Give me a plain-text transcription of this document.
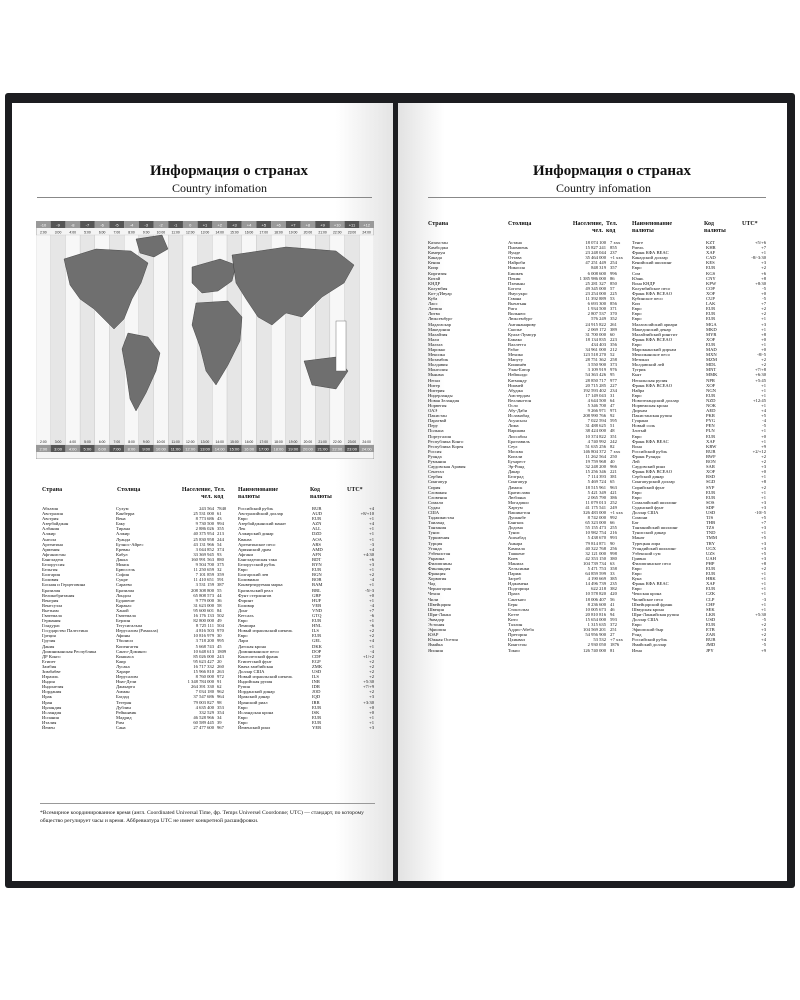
Информация о странах
Country infomation
-10
2:00
-9
3:00
-8
4:00
-7
5:00
-6
6:00
-5
7:00
-4
8:00
-3
9:00
-2
10:00
-1
11:00
0
12:00
+1
13:00
+2
14:00
+3
15:00
+4
16:00
+5
17:00
+6
18:00
+7
19:00
+8
20:00
+9
21:00
+10
22:00
+11
23:00
+12
24:00
2:00
2:00
3:00
3:00
4:00
4:00
5:00
5:00
6:00
6:00
7:00
7:00
8:00
8:00
9:00
9:00
10:00
10:00
11:00
11:00
12:00
12:00
13:00
13:00
14:00
14:00
15:00
15:00
16:00
16:00
17:00
17:00
18:00
18:00
19:00
19:00
20:00
20:00
21:00
21:00
22:00
22:00
23:00
23:00
24:00
24:00
Страна	Столица	Население, чел.
Тел. код
Наименование валюты
Код валюты
UTC*
Абхазия	Сухум	243 564 7840	Российский рубль	RUB	+4
Австралия	Канберра	25 531 000 61	Австралийский доллар	AUD	+8/+10
Австрия	Вена	8 773 686 43	Евро	EUR	+1
Азербайджан	Баку	9 730 500 994	Азербайджанский манат	AZN	+4
Албания	Тирана	2 886 026 355	Лек	ALL	+1
Алжир	Алжир	40 375 954 213	Алжирский динар	DZD	+1
Ангола	Луанда	25 830 958 244	Кванза	AOA	+1
Аргентина	Буэнос-Айрес	43 131 966 54	Аргентинское песо	ARS	-3
Армения	Ереван	3 044 852 374	Армянский драм	AMD	+4
Афганистан	Кабул	33 369 945 93	Афгани	AFN	+4:30
Бангладеш	Дакка	160 991 563 880	Бангладешская така	BDT	+6
Белоруссия	Минск	9 504 700 375	Белорусский рубль	BYN	+3
Бельгия	Брюссель	11 250 659 32	Евро	EUR	+1
Болгария	София	7 101 859 359	Болгарский лев	BGN	+2
Боливия	Сукре	11 410 651 591	Боливиано	BOB	-4
Босния и Герцеговина	Сараево	3 531 159 387	Конвертируемая марка	BAM	+1
Бразилия	Бразилиа	208 308 800 55	Бразильский реал	BRL	-5/-3
Великобритания	Лондон	65 808 573 44	Фунт стерлингов	GBP	+0
Венгрия	Будапешт	9 779 000 36	Форинт	HUF	+1
Венесуэла	Каракас	31 623 000 58	Боливар	VEB	-4
Вьетнам	Ханой	95 600 601 84	Донг	VND	+7
Гватемала	Гватемала	16 176 133 502	Кетсаль	GTQ	-6
Германия	Берлин	82 800 000 49	Евро	EUR	+1
Гондурас	Тегусигальпа	8 725 111 504	Лемпира	HNL	-6
Государство Палестина	Иерусалим (Рамалла)	4 816 503 970	Новый израильский шекель	ILS	+2
Греция	Афины	10 816 979 30	Евро	EUR	+2
Грузия	Тбилиси	3 718 200 995	Лари	GEL	+4
Дания	Копенгаген	5 668 743 45	Датская крона	DKK	+1
Доминиканская Республика	Санто-Доминго	10 648 613 1809	Доминиканское песо	DOP	-4
ДР Конго	Киншаса	85 026 000 243	Конголезский франк	CDF	+1/+2
Египет	Каир	95 623 427 20	Египетский фунт	EGP	+2
Замбия	Лусака	16 717 332 260	Квача замбийская	ZMK	+2
Зимбабве	Хараре	15 966 810 263	Доллар США	USD	+2
Израиль	Иерусалим	8 760 000 972	Новый израильский шекель	ILS	+2
Индия	Нью-Дели	1 348 784 000 91	Индийская рупия	INR	+5:30
Индонезия	Джакарта	264 391 330 62	Рупия	IDR	+7/+9
Иордания	Амман	7 034 180 962	Иорданский динар	JOD	+2
Ирак	Багдад	37 547 686 964	Иракский динар	IQD	+3
Иран	Тегеран	79 003 827 98	Иранский риал	IRR	+3:30
Ирландия	Дублин	4 635 400 353	Евро	EUR	+0
Исландия	Рейкьявик	332 529 354	Исландская крона	ISK	+0
Испания	Мадрид	46 528 966 34	Евро	EUR	+1
Италия	Рим	60 589 445 39	Евро	EUR	+1
Йемен	Сана	27 477 600 967	Йеменский риал	YER	+3
*Всемирное координированное время (англ. Coordinated Universal Time, фр. Temps Universel Coordonne; UTC) — стандарт, по которому общество регулирует часы и время. Аббревиатура UTC не имеет конкретной расшифровки.
Информация о странах
Country infomation
Страна	Столица	Население, чел.
Тел. код
Наименование валюты
Код валюты
UTC*
Казахстан	Астана	18 074 100 7 xxx	Тенге	KZT	+5/+6
Камбоджа	Пномпень	15 827 241 855	Риель	KHR	+7
Камерун	Яунде	23 248 044 237	Франк КФА BEAC	XAF	+1
Канада	Оттава	35 464 000 +1 xxx	Канадский доллар	CAD	-8/-3:30
Кения	Найроби	47 251 449 254	Кенийский шиллинг	KES	+3
Кипр	Никосия	848 319 357	Евро	EUR	+2
Киргизия	Бишкек	6 008 600 996	Сом	KGS	+6
Китай	Пекин	1 385 986 000 86	Юань	CNY	+8
КНДР	Пхеньян	25 281 327 850	Вона КНДР	KPW	+8:30
Колумбия	Богота	49 345 000 57	Колумбийское песо	COP	-5
Кот-д'Ивуар	Ямусукро	23 254 000 225	Франк КФА BCEAO	XOF	+0
Куба	Гавана	11 392 889 53	Кубинское песо	CUP	-5
Лаос	Вьентьян	6 693 300 856	Кип	LAK	+7
Латвия	Рига	1 934 500 371	Евро	EUR	+2
Литва	Вильнюс	2 807 537 370	Евро	EUR	+2
Люксембург	Люксембург	576 249 352	Евро	EUR	+1
Мадагаскар	Антананариву	24 915 822 261	Малагасийский ариари	MGA	+3
Македония	Скопье	2 069 172 389	Македонский денар	MKD	+1
Малайзия	Куала-Лумпур	31 700 000 60	Малайзийский ринггит	MYR	+8
Мали	Бамако	18 134 835 223	Франк КФА BCEAO	XOF	+0
Мальта	Валлетта	434 403 356	Евро	EUR	+1
Марокко	Рабат	34 961 000 212	Марокканский дирхам	MAD	+0
Мексика	Мехико	123 518 270 52	Мексиканское песо	MXN	-8/-5
Мозамбик	Мапуту	28 751 362 258	Метикал	MZM	+2
Молдавия	Кишинёв	3 550 900 373	Молдавский лей	MDL	+2
Монголия	Улан-Батор	3 109 919 976	Тугрик	MNT	+7/+8
Мьянма	Нейпьидо	54 363 426 95	Кьят	MMK	+6:30
Непал	Катманду	28 850 717 977	Непальская рупия	NPR	+5:45
Нигер	Ниамей	20 715 285 227	Франк КФА BCEAO	XOF	+1
Нигерия	Абуджа	192 593 402 234	Найра	NGN	+1
Нидерланды	Амстердам	17 149 043 31	Евро	EUR	+1
Новая Зеландия	Веллингтон	4 644 500 64	Новозеландский доллар	NZD	+12:45
Норвегия	Осло	5 346 700 47	Норвежская крона	NOK	+1
ОАЭ	Абу-Даби	9 266 971 971	Дирхам	AED	+4
Пакистан	Исламабад	208 990 766 92	Пакистанская рупия	PKR	+5
Парагвай	Асунсьон	7 022 594 595	Гуарани	PYG	-4
Перу	Лима	31 488 625 51	Новый соль	PEN	-5
Польша	Варшава	38 424 000 48	Злотый	PLN	+1
Португалия	Лиссабон	10 374 822 351	Евро	EUR	+0
Республика Конго	Браззавиль	4 740 992 242	Франк КФА BEAC	XAF	+1
Республика Корея	Сеул	51 635 256 82	Вона	KRW	+9
Россия	Москва	146 804 372 7 xxx	Российский рубль	RUB	+2/+12
Руанда	Кигали	11 262 564 250	Франк Руанды	RWF	+2
Румыния	Бухарест	19 759 968 40	Лей	RON	+2
Саудовская Аравия	Эр-Рияд	32 248 200 966	Саудовский риял	SAR	+3
Сенегал	Дакар	15 256 346 221	Франк КФА BCEAO	XOF	+0
Сербия	Белград	7 114 393 381	Сербский динар	RSD	+1
Сингапур	Сингапур	5 469 724 65	Сингапурский доллар	SGD	+8
Сирия	Дамаск	18 515 961 963	Сирийский фунт	SYP	+2
Словакия	Братислава	5 421 349 421	Евро	EUR	+1
Словения	Любляна	2 065 790 386	Евро	EUR	+1
Сомали	Могадишо	11 079 013 252	Сомалийский шиллинг	SOS	+3
Судан	Хартум	41 175 541 249	Суданский фунт	SDP	+3
США	Вашингтон	326 483 000 +1 xxx	Доллар США	USD	-10/-5
Таджикистан	Душанбе	8 742 000 992	Сомони	TJS	+5
Таиланд	Бангкок	65 323 000 66	Бат	THB	+7
Танзания	Додома	55 155 473 255	Танзанийский шиллинг	TZS	+3
Тунис	Тунис	10 982 754 216	Тунисский динар	TND	+1
Туркмения	Ашхабад	5 438 670 993	Манат	TMM	+5
Турция	Анкара	79 814 871 90	Турецкая лира	TRY	+3
Уганда	Кампала	40 322 768 256	Угандийский шиллинг	UGX	+3
Узбекистан	Ташкент	32 121 000 998	Узбекский сум	UZS	+5
Украина	Киев	42 353 150 380	Гривна	UAH	+3
Филиппины	Манила	104 739 734 63	Филиппинское песо	PHP	+8
Финляндия	Хельсинки	5 471 753 358	Евро	EUR	+2
Франция	Париж	64 859 599 33	Евро	EUR	+1
Хорватия	Загреб	4 190 669 385	Куна	HRK	+1
Чад	Нджамена	14 496 739 235	Франк КФА BEAC	XAF	+1
Черногория	Подгорица	622 218 382	Евро	EUR	+1
Чехия	Прага	10 578 820 420	Чешская крона	CZK	+1
Чили	Сантьяго	18 006 407 56	Чилийское песо	CLP	-3
Швейцария	Берн	8 236 600 41	Швейцарский франк	CHF	+1
Швеция	Стокгольм	10 005 673 46	Шведская крона	SEK	+1
Шри-Ланка	Котте	20 810 816 94	Шри-Ланкийская рупия	LKR	+5:30
Эквадор	Кито	15 654 000 593	Доллар США	USD	-5
Эстония	Таллин	1 315 635 372	Евро	EUR	+2
Эфиопия	Аддис-Абеба	104 569 201 251	Эфиопский быр	ETB	+3
ЮАР	Претория	54 956 900 27	Рэнд	ZAR	+2
Южная Осетия	Цхинвал	53 532 +7 xxx	Российский рубль	RUB	+4
Ямайка	Кингстон	2 930 050 1876	Ямайский доллар	JMD	-5
Япония	Токио	126 740 000 81	Иена	JPY	+9
